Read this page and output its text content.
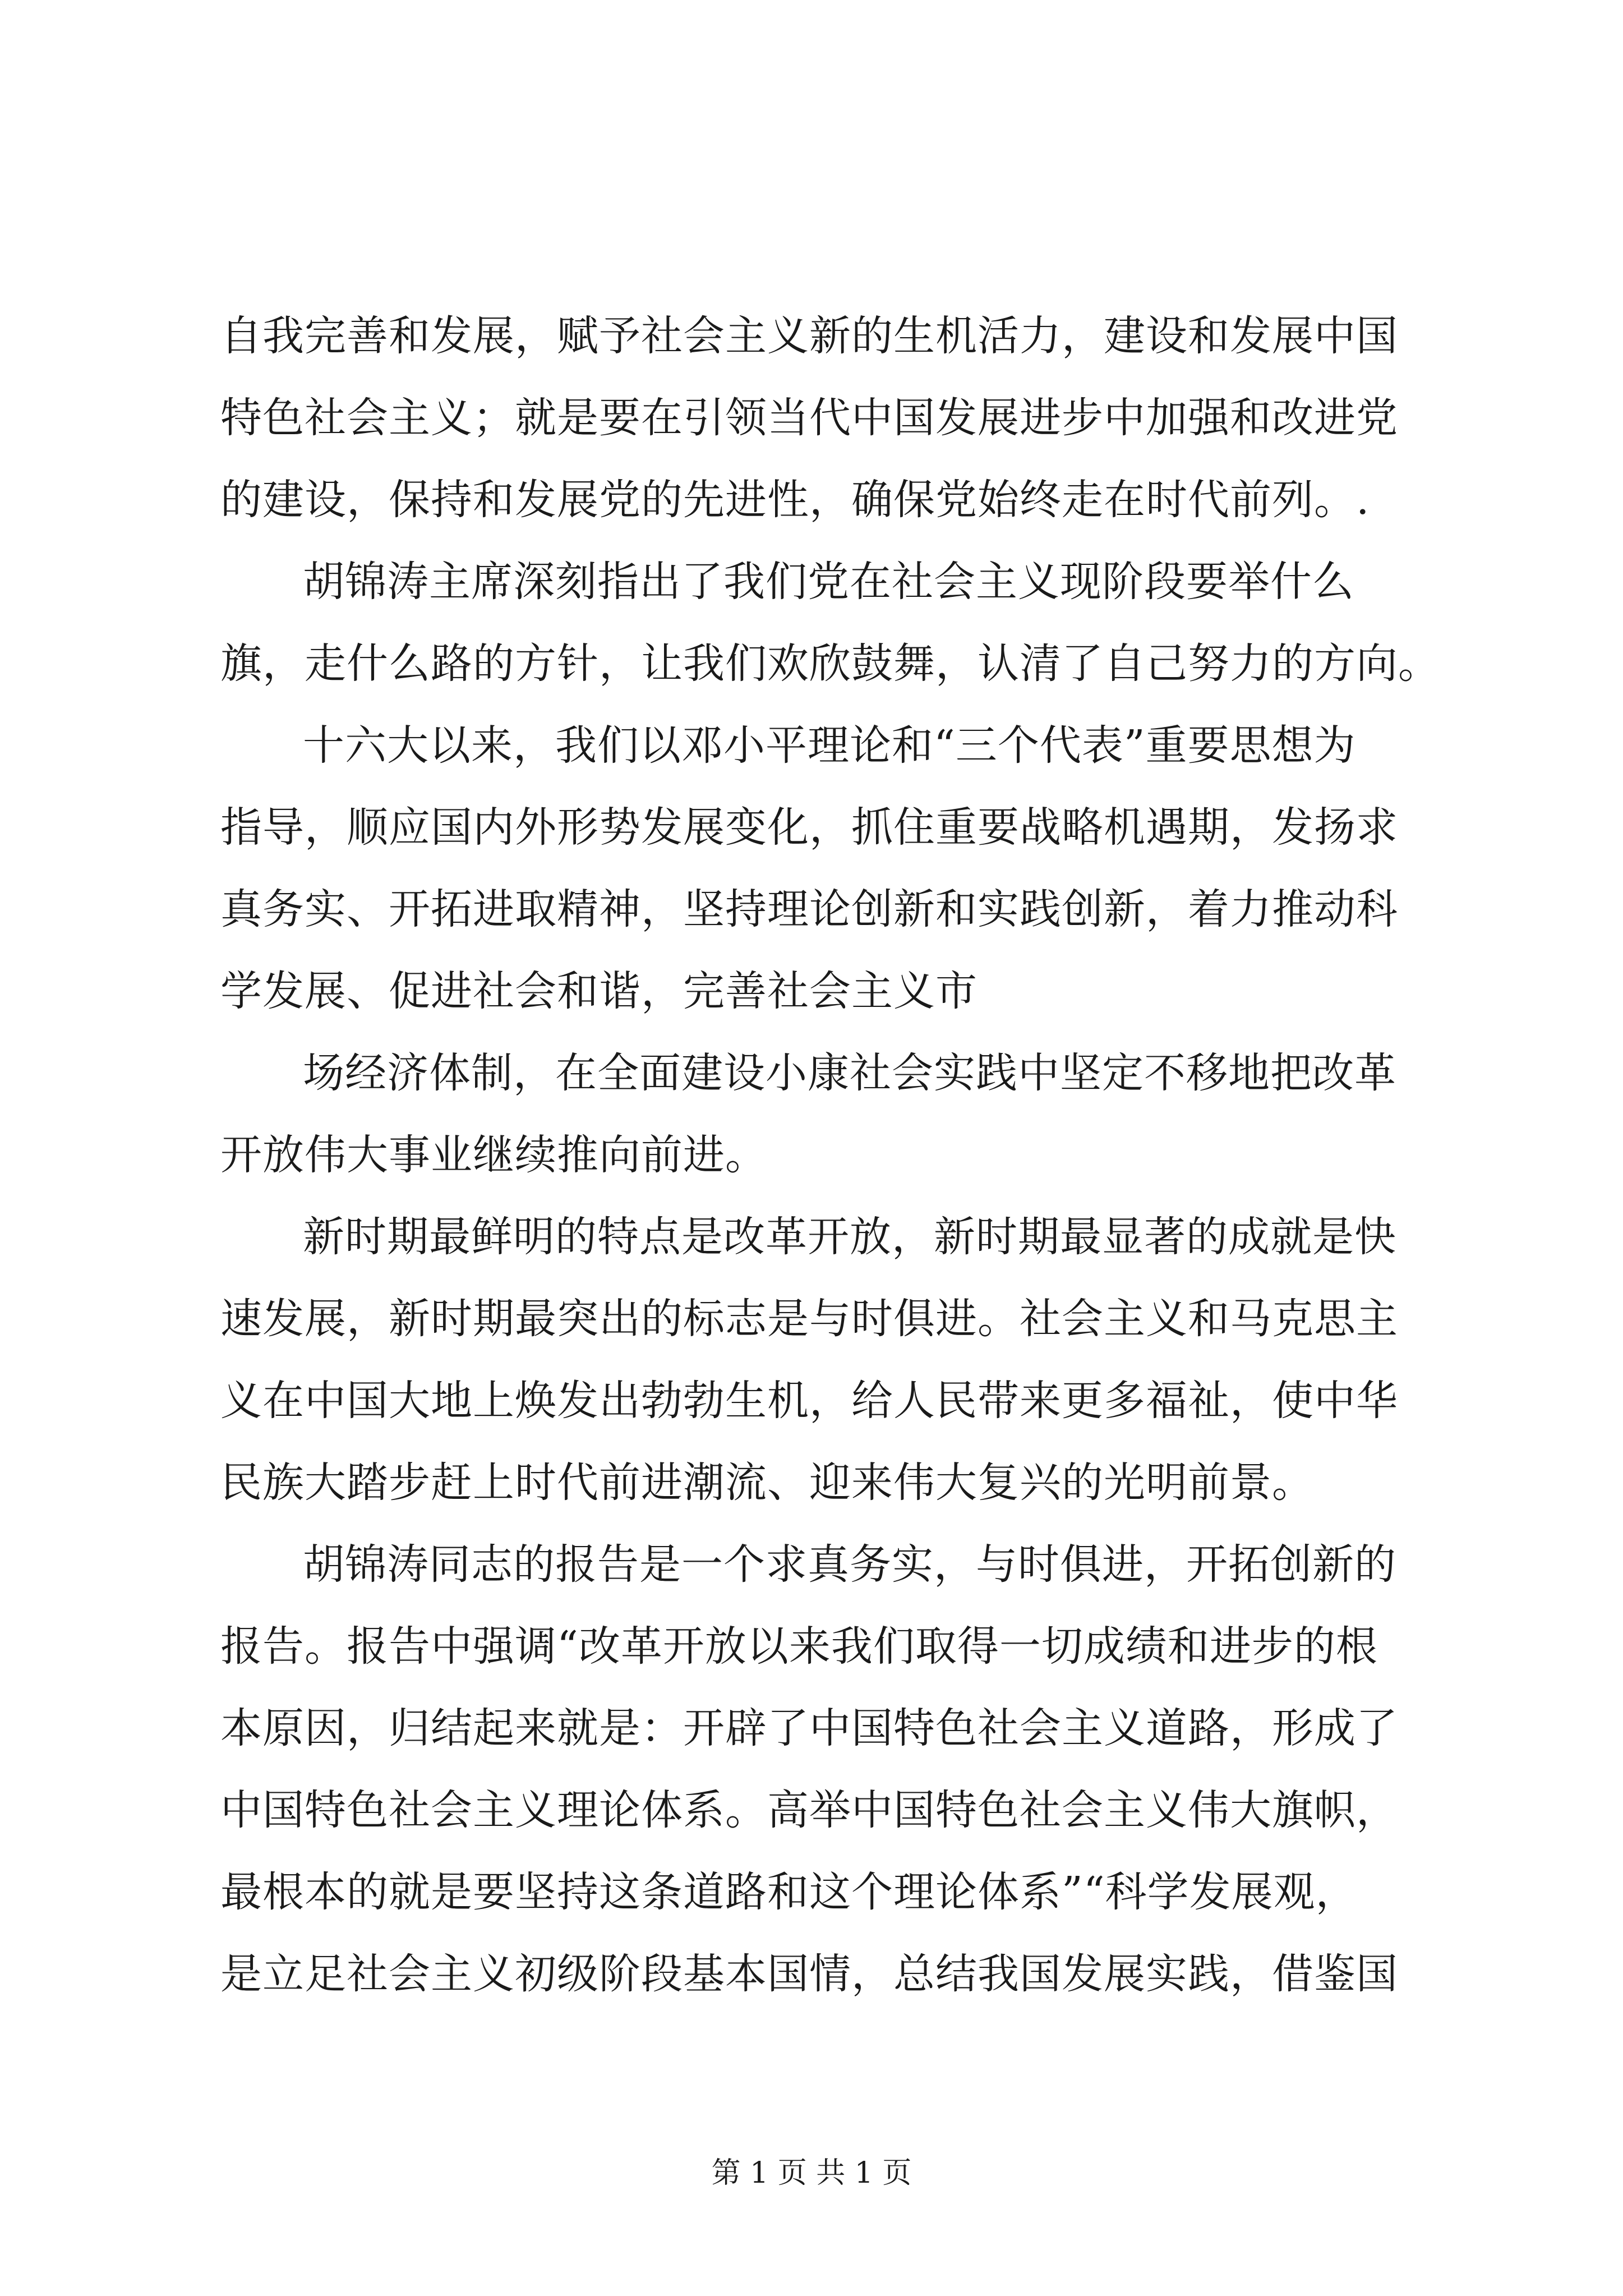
自我完善和发展，赋予社会主义新的生机活力，建设和发展中国
特色社会主义；就是要在引领当代中国发展进步中加强和改进党
的建设，保持和发展党的先进性，确保党始终走在时代前列。.
胡锦涛主席深刻指出了我们党在社会主义现阶段要举什么
旗，走什么路的方针，让我们欢欣鼓舞，认清了自己努力的方向。
十六大以来，我们以邓小平理论和“三个代表”重要思想为
指导，顺应国内外形势发展变化，抓住重要战略机遇期，发扬求
真务实、开拓进取精神，坚持理论创新和实践创新，着力推动科
学发展、促进社会和谐，完善社会主义市
场经济体制，在全面建设小康社会实践中坚定不移地把改革
开放伟大事业继续推向前进。
新时期最鲜明的特点是改革开放，新时期最显著的成就是快
速发展，新时期最突出的标志是与时俱进。社会主义和马克思主
义在中国大地上焕发出勃勃生机，给人民带来更多福祉，使中华
民族大踏步赶上时代前进潮流、迎来伟大复兴的光明前景。
胡锦涛同志的报告是一个求真务实，与时俱进，开拓创新的
报告。报告中强调“改革开放以来我们取得一切成绩和进步的根
本原因，归结起来就是：开辟了中国特色社会主义道路，形成了
中国特色社会主义理论体系。高举中国特色社会主义伟大旗帜，
最根本的就是要坚持这条道路和这个理论体系”“科学发展观，
是立足社会主义初级阶段基本国情，总结我国发展实践，借鉴国
第 1 页 共 1 页
